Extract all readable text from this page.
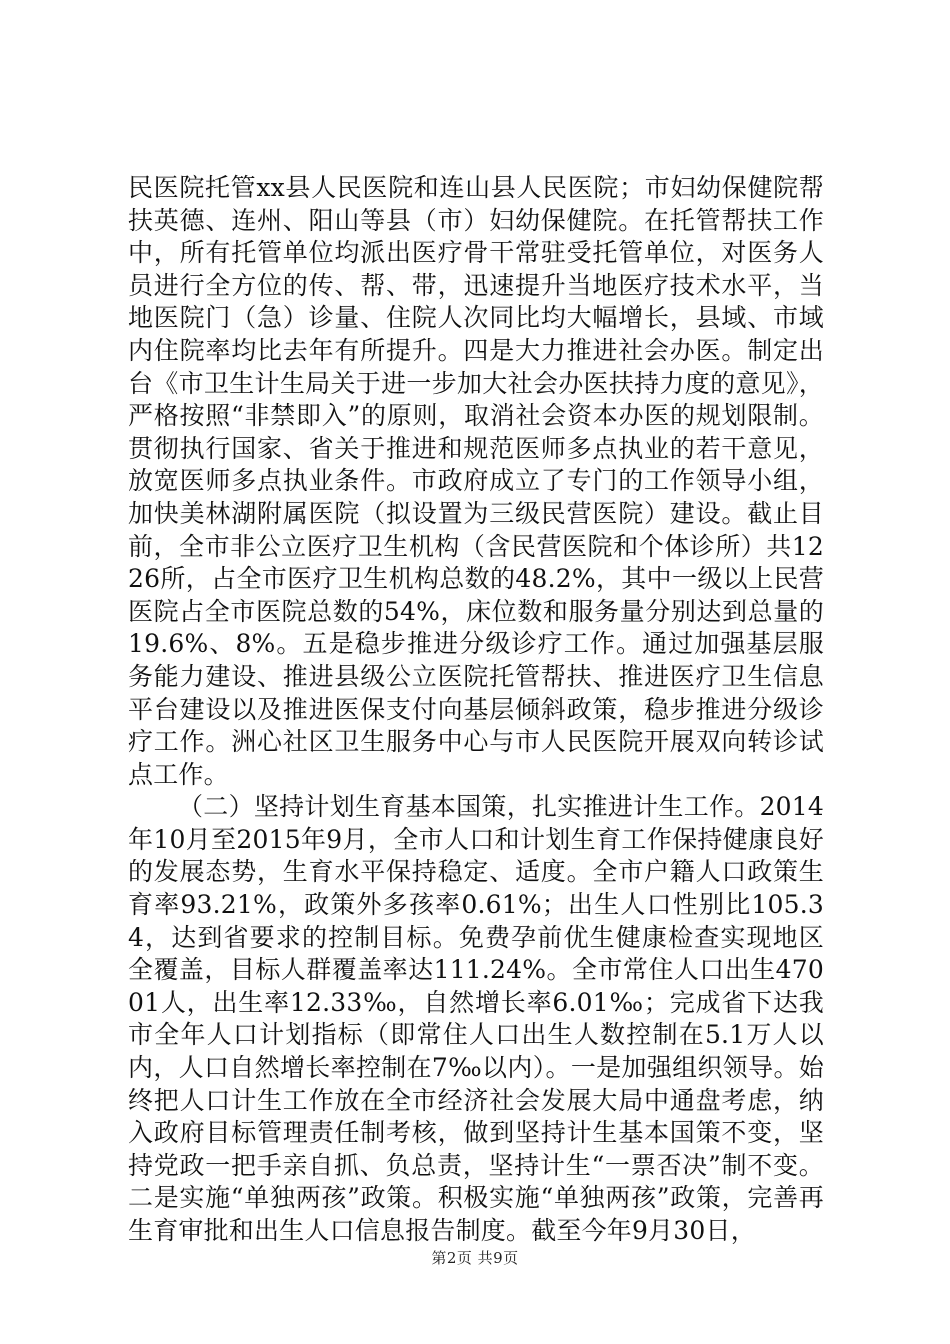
民医院托管xx县人民医院和连山县人民医院；市妇幼保健院帮扶英德、连州、阳山等县（市）妇幼保健院。在托管帮扶工作中，所有托管单位均派出医疗骨干常驻受托管单位，对医务人员进行全方位的传、帮、带，迅速提升当地医疗技术水平，当地医院门（急）诊量、住院人次同比均大幅增长，县域、市域内住院率均比去年有所提升。四是大力推进社会办医。制定出台《市卫生计生局关于进一步加大社会办医扶持力度的意见》，严格按照“非禁即入”的原则，取消社会资本办医的规划限制。贯彻执行国家、省关于推进和规范医师多点执业的若干意见，放宽医师多点执业条件。市政府成立了专门的工作领导小组，加快美林湖附属医院（拟设置为三级民营医院）建设。截止目前，全市非公立医疗卫生机构（含民营医院和个体诊所）共1226所，占全市医疗卫生机构总数的48.2%，其中一级以上民营医院占全市医院总数的54%，床位数和服务量分别达到总量的19.6%、8%。五是稳步推进分级诊疗工作。通过加强基层服务能力建设、推进县级公立医院托管帮扶、推进医疗卫生信息平台建设以及推进医保支付向基层倾斜政策，稳步推进分级诊疗工作。洲心社区卫生服务中心与市人民医院开展双向转诊试点工作。

（二）坚持计划生育基本国策，扎实推进计生工作。2014年10月至2015年9月，全市人口和计划生育工作保持健康良好的发展态势，生育水平保持稳定、适度。全市户籍人口政策生育率93.21%，政策外多孩率0.61%；出生人口性别比105.34，达到省要求的控制目标。免费孕前优生健康检查实现地区全覆盖，目标人群覆盖率达111.24%。全市常住人口出生47001人，出生率12.33‰，自然增长率6.01‰；完成省下达我市全年人口计划指标（即常住人口出生人数控制在5.1万人以内，人口自然增长率控制在7‰以内）。一是加强组织领导。始终把人口计生工作放在全市经济社会发展大局中通盘考虑，纳入政府目标管理责任制考核，做到坚持计生基本国策不变，坚持党政一把手亲自抓、负总责，坚持计生“一票否决”制不变。二是实施“单独两孩”政策。积极实施“单独两孩”政策，完善再生育审批和出生人口信息报告制度。截至今年9月30日，

第2页 共9页
